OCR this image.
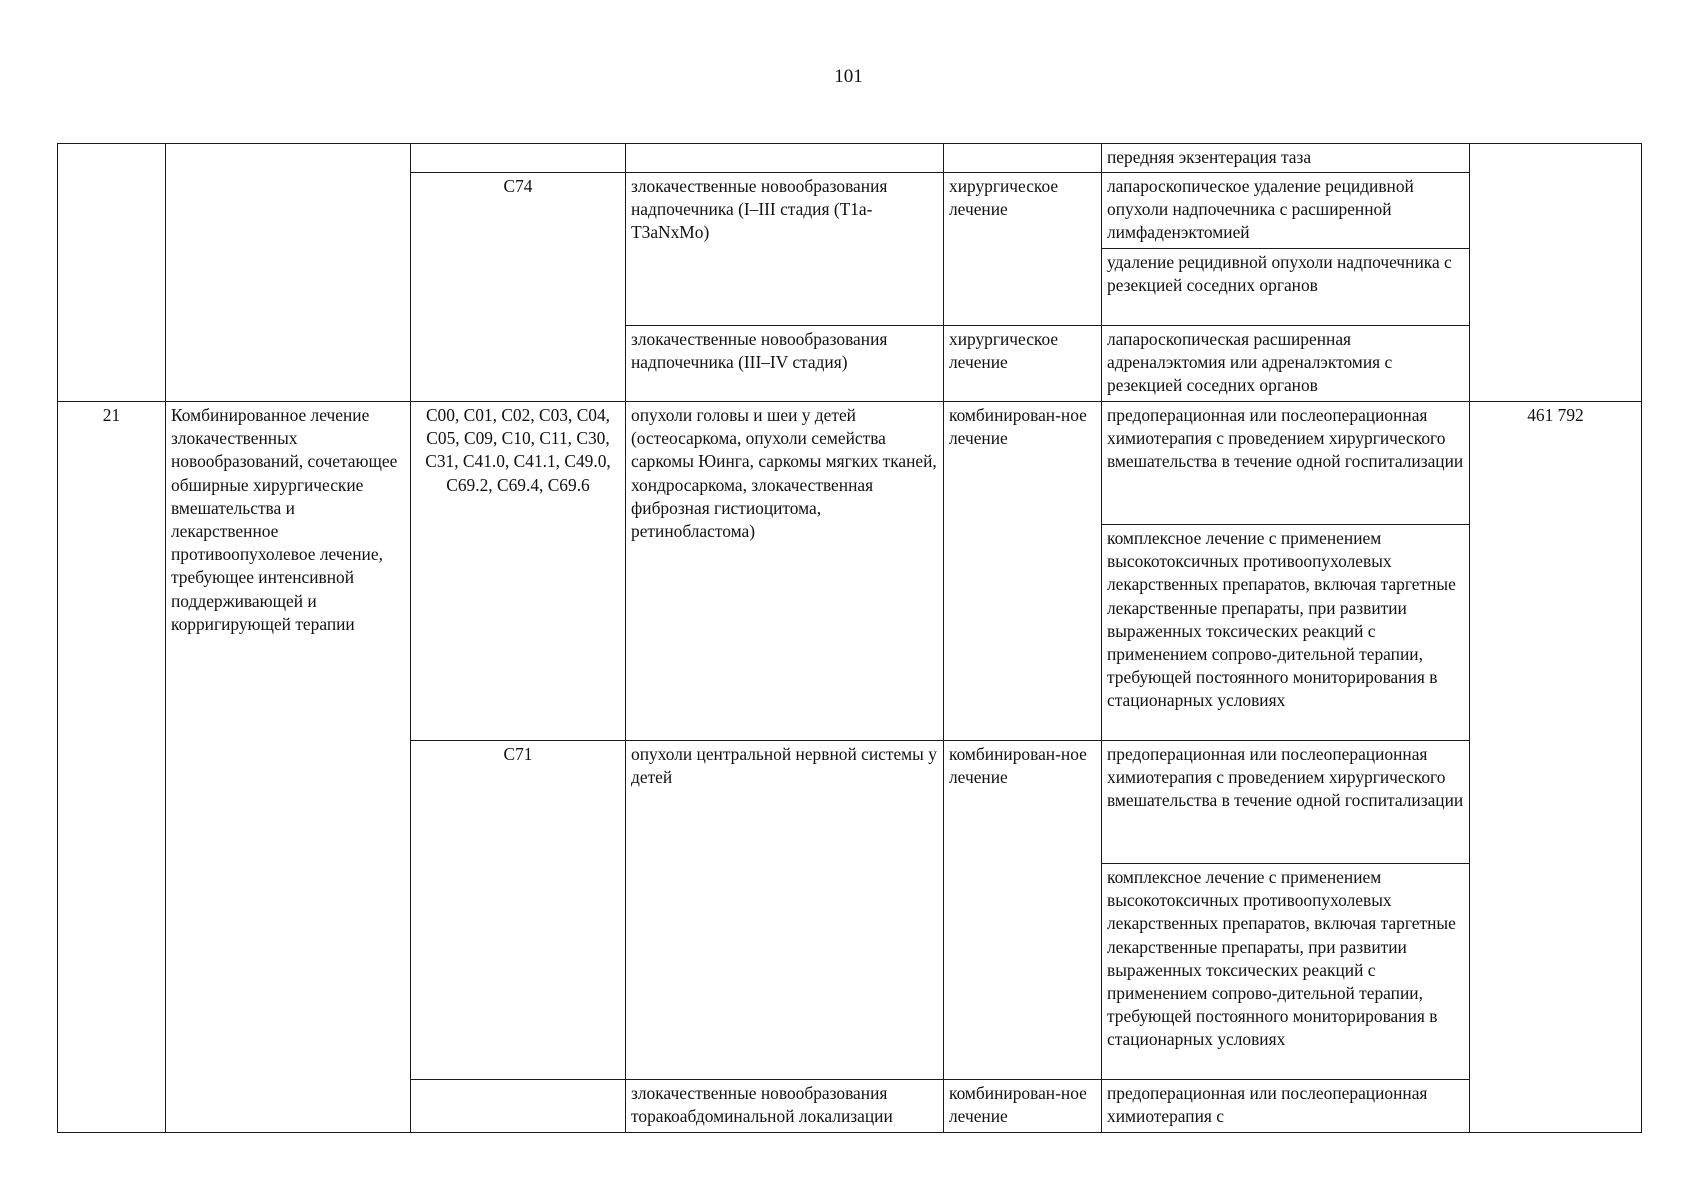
101
					передняя экзентерация таза	
		C74	злокачественные новообразования надпочечника (I–III стадия (T1a-T3aNxMo)	хирургическое лечение	лапароскопическое удаление рецидивной опухоли надпочечника с расширенной лимфаденэктомией	
					удаление рецидивной опухоли надпочечника с резекцией соседних органов	
			злокачественные новообразования надпочечника (III–IV стадия)	хирургическое лечение	лапароскопическая расширенная адреналэктомия или адреналэктомия с резекцией соседних органов	
21	Комбинированное лечение злокачественных новообразований, сочетающее обширные хирургические вмешательства и лекарственное противоопухолевое лечение, требующее интенсивной поддерживающей и корригирующей терапии	C00, C01, C02, C03, C04, C05, C09, C10, C11, C30, C31, C41.0, C41.1, C49.0, C69.2, C69.4, C69.6	опухоли головы и шеи у детей (остеосаркома, опухоли семейства саркомы Юинга, саркомы мягких тканей, хондросаркома, злокачественная фиброзная гистиоцитома, ретинобластома)	комбинирован-ное лечение	предоперационная или послеоперационная химиотерапия с проведением хирургического вмешательства в течение одной госпитализации	461 792
					комплексное лечение с применением высокотоксичных противоопухолевых лекарственных препаратов, включая таргетные лекарственные препараты, при развитии выраженных токсических реакций с применением сопрово-дительной терапии, требующей постоянного мониторирования в стационарных условиях	
		C71	опухоли центральной нервной системы у детей	комбинирован-ное лечение	предоперационная или послеоперационная химиотерапия с проведением хирургического вмешательства в течение одной госпитализации	
					комплексное лечение с применением высокотоксичных противоопухолевых лекарственных препаратов, включая таргетные лекарственные препараты, при развитии выраженных токсических реакций с применением сопрово-дительной терапии, требующей постоянного мониторирования в стационарных условиях	
			злокачественные новообразования торакоабдоминальной локализации	комбинирован-ное лечение	предоперационная или послеоперационная химиотерапия с	
